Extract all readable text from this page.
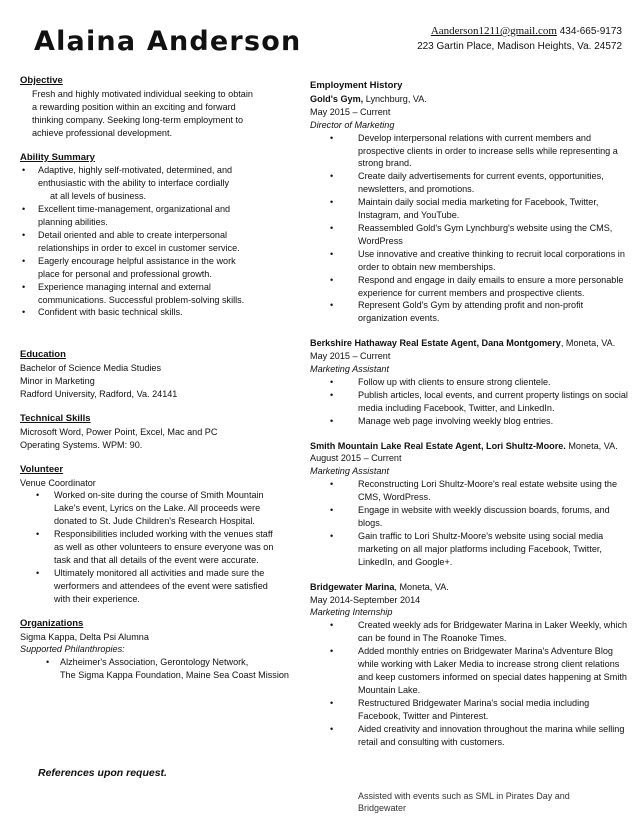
Alaina Anderson	Aanderson1211@gmail.com 434-665-9173
223 Gartin Place, Madison Heights, Va. 24572
Objective
Fresh and highly motivated individual seeking to obtain
a rewarding position within an exciting and forward
thinking company. Seeking long-term employment to
achieve professional development.
Ability Summary
• Adaptive, highly self-motivated, determined, and
enthusiastic with the ability to interface cordially
at all levels of business.
• Excellent time-management, organizational and
planning abilities.
• Detail oriented and able to create interpersonal
relationships in order to excel in customer service.
• Eagerly encourage helpful assistance in the work
place for personal and professional growth.
• Experience managing internal and external
communications. Successful problem-solving skills.
• Confident with basic technical skills.
Education
Bachelor of Science Media Studies
Minor in Marketing
Radford University, Radford, Va. 24141
Technical Skills
Microsoft Word, Power Point, Excel, Mac and PC
Operating Systems. WPM: 90.
Volunteer
Venue Coordinator
• Worked on-site during the course of Smith Mountain
Lake's event, Lyrics on the Lake. All proceeds were
donated to St. Jude Children's Research Hospital.
• Responsibilities included working with the venues staff
as well as other volunteers to ensure everyone was on
task and that all details of the event were accurate.
• Ultimately monitored all activities and made sure the
werformers and attendees of the event were satisfied
with their experience.
Organizations
Sigma Kappa, Delta Psi Alumna
Supported Philanthropies:
• Alzheimer's Association, Gerontology Network,
The Sigma Kappa Foundation, Maine Sea Coast Mission
References upon request.
Employment History
Gold's Gym, Lynchburg, VA.
May 2015 – Current
Director of Marketing
• Develop interpersonal relations with current members and
prospective clients in order to increase sells while representing a
strong brand.
• Create daily advertisements for current events, opportunities,
newsletters, and promotions.
• Maintain daily social media marketing for Facebook, Twitter,
Instagram, and YouTube.
• Reassembled Gold's Gym Lynchburg's website using the CMS,
WordPress
• Use innovative and creative thinking to recruit local corporations in
order to obtain new memberships.
• Respond and engage in daily emails to ensure a more personable
experience for current members and prospective clients.
• Represent Gold's Gym by attending profit and non-profit
organization events.
Berkshire Hathaway Real Estate Agent, Dana Montgomery, Moneta, VA.
May 2015 – Current
Marketing Assistant
• Follow up with clients to ensure strong clientele.
• Publish articles, local events, and current property listings on social
media including Facebook, Twitter, and LinkedIn.
• Manage web page involving weekly blog entries.
Smith Mountain Lake Real Estate Agent, Lori Shultz-Moore. Moneta, VA.
August 2015 – Current
Marketing Assistant
• Reconstructing Lori Shultz-Moore's real estate website using the
CMS, WordPress.
• Engage in website with weekly discussion boards, forums, and
blogs.
• Gain traffic to Lori Shultz-Moore's website using social media
marketing on all major platforms including Facebook, Twitter,
LinkedIn, and Google+.
Bridgewater Marina, Moneta, VA.
May 2014-September 2014
Marketing Internship
• Created weekly ads for Bridgewater Marina in Laker Weekly, which
can be found in The Roanoke Times.
• Added monthly entries on Bridgewater Marina's Adventure Blog
while working with Laker Media to increase strong client relations
and keep customers informed on special dates happening at Smith
Mountain Lake.
• Restructured Bridgewater Marina's social media including
Facebook, Twitter and Pinterest.
• Aided creativity and innovation throughout the marina while selling
retail and consulting with customers.
Assisted with events such as SML in Pirates Day and Bridgewater
